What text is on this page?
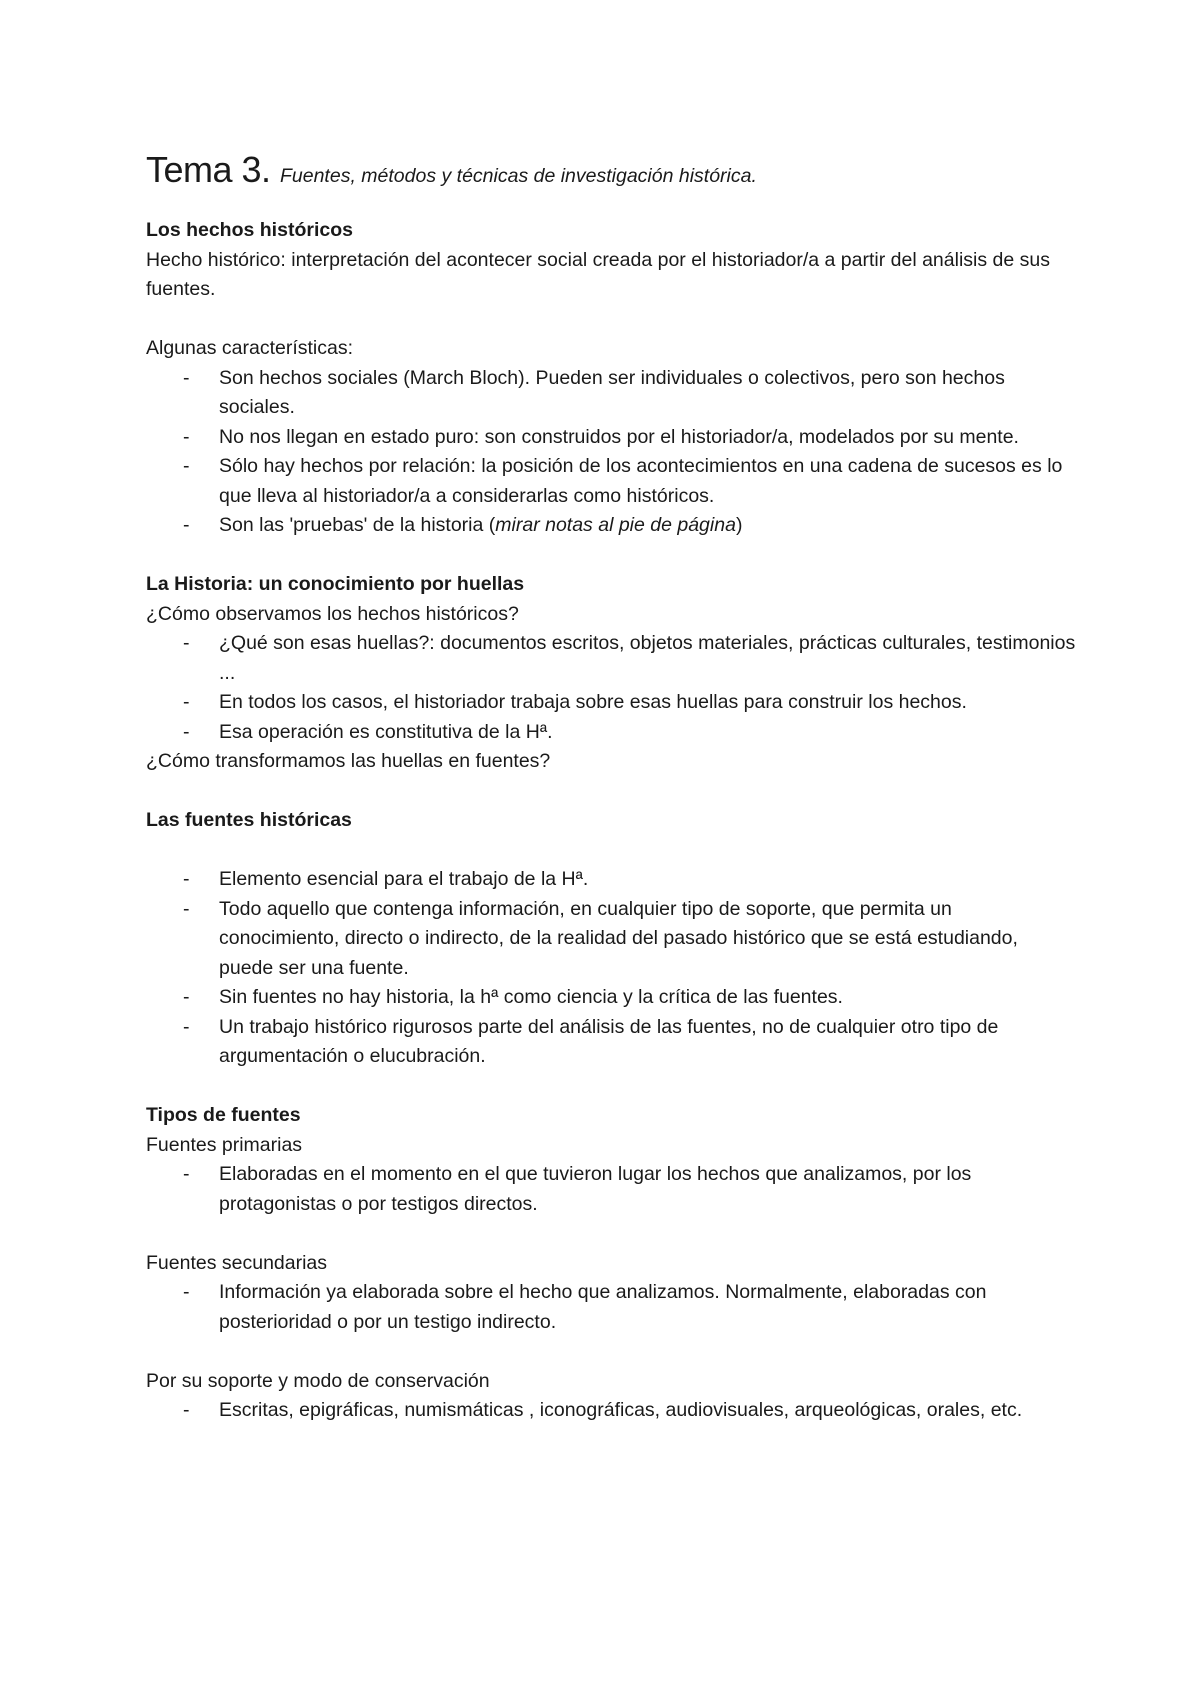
Tema 3. Fuentes, métodos y técnicas de investigación histórica.

Los hechos históricos

Hecho histórico: interpretación del acontecer social creada por el historiador/a a partir del análisis de sus fuentes.

Algunas características:

- Son hechos sociales (March Bloch). Pueden ser individuales o colectivos, pero son hechos sociales.
- No nos llegan en estado puro: son construidos por el historiador/a, modelados por su mente.
- Sólo hay hechos por relación: la posición de los acontecimientos en una cadena de sucesos es lo que lleva al historiador/a a considerarlas como históricos.
- Son las 'pruebas' de la historia (mirar notas al pie de página)

La Historia: un conocimiento por huellas

¿Cómo observamos los hechos históricos?

- ¿Qué son esas huellas?: documentos escritos, objetos materiales, prácticas culturales, testimonios ...
- En todos los casos, el historiador trabaja sobre esas huellas para construir los hechos.
- Esa operación es constitutiva de la Hª.

¿Cómo transformamos las huellas en fuentes?

Las fuentes históricas

- Elemento esencial para el trabajo de la Hª.
- Todo aquello que contenga información, en cualquier tipo de soporte, que permita un conocimiento, directo o indirecto, de la realidad del pasado histórico que se está estudiando, puede ser una fuente.
- Sin fuentes no hay historia, la hª como ciencia y la crítica de las fuentes.
- Un trabajo histórico rigurosos parte del análisis de las fuentes, no de cualquier otro tipo de argumentación o elucubración.

Tipos de fuentes

Fuentes primarias

- Elaboradas en el momento en el que tuvieron lugar los hechos que analizamos, por los protagonistas o por testigos directos.

Fuentes secundarias

- Información ya elaborada sobre el hecho que analizamos. Normalmente, elaboradas con posterioridad o por un testigo indirecto.

Por su soporte y modo de conservación

- Escritas, epigráficas, numismáticas , iconográficas, audiovisuales, arqueológicas, orales, etc.
